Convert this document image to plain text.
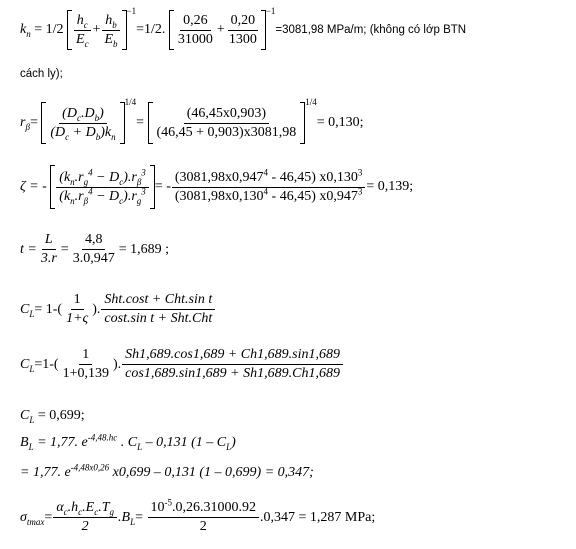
$k_n = 1/2 \frac{h_c}{E_c} + \frac{h_b}{E_b}$
$^{-1}$=1/2. $\frac{0,26}{31000} + \frac{0,20}{1300}$
$^{-1}$=3081,98 MPa/m; (không có lớp BTN
cách ly);
$r_\beta= \frac{(D_c.D_b)}{(D_c + D_b)k_n}$
$^{1/4}= \frac{(46,45x0,903)}{(46,45 + 0,903)x3081,98}$
$^{1/4}$= 0,130;
ζ = - $\frac{(k_n.r_g^4 - D_c).r_\beta^3}{(k_n.r_\beta^4 - D_c).r_g^3}$ = - $\frac{(3081,98x0,947^4 - 46,45) x0,130^3}{(3081,98x0,130^4 - 46,45) x0,947^3} = 0,139$;
$t = \frac{L}{3.r} = \frac{4,8}{3.0,947} = 1,689$ ;
$C_L= 1-( \frac{1}{1+\varsigma}$ ). $\frac{\text{Sht.cost + Cht.sin t}}{\text{cost.sin t + Sht.Cht}}$
$C_L=1-( \frac{1}{1+0,139}$ ). $\frac{Sh1,689.\cos 1,689 + Ch1,689.\sin 1,689}{\cos 1,689.\sin 1,689 + Sh1,689.Ch1,689}$
$C_L = 0,699$;
$B_L = 1,77$. $e^{-4,48.hc}$ . $C_L - 0,131$ $(1 - C_L)$
= 1,77. $e^{-4,48x0,26}$ x0,699 – 0,131 (1 – 0,699) = 0,347;
$\sigma_{tmax}= \frac{\alpha_c.h_c.E_c.T_g}{2} .B_L= \frac{10^{-5}.0,26.31000.92}{2} .0,347 = 1,287$ MPa;
